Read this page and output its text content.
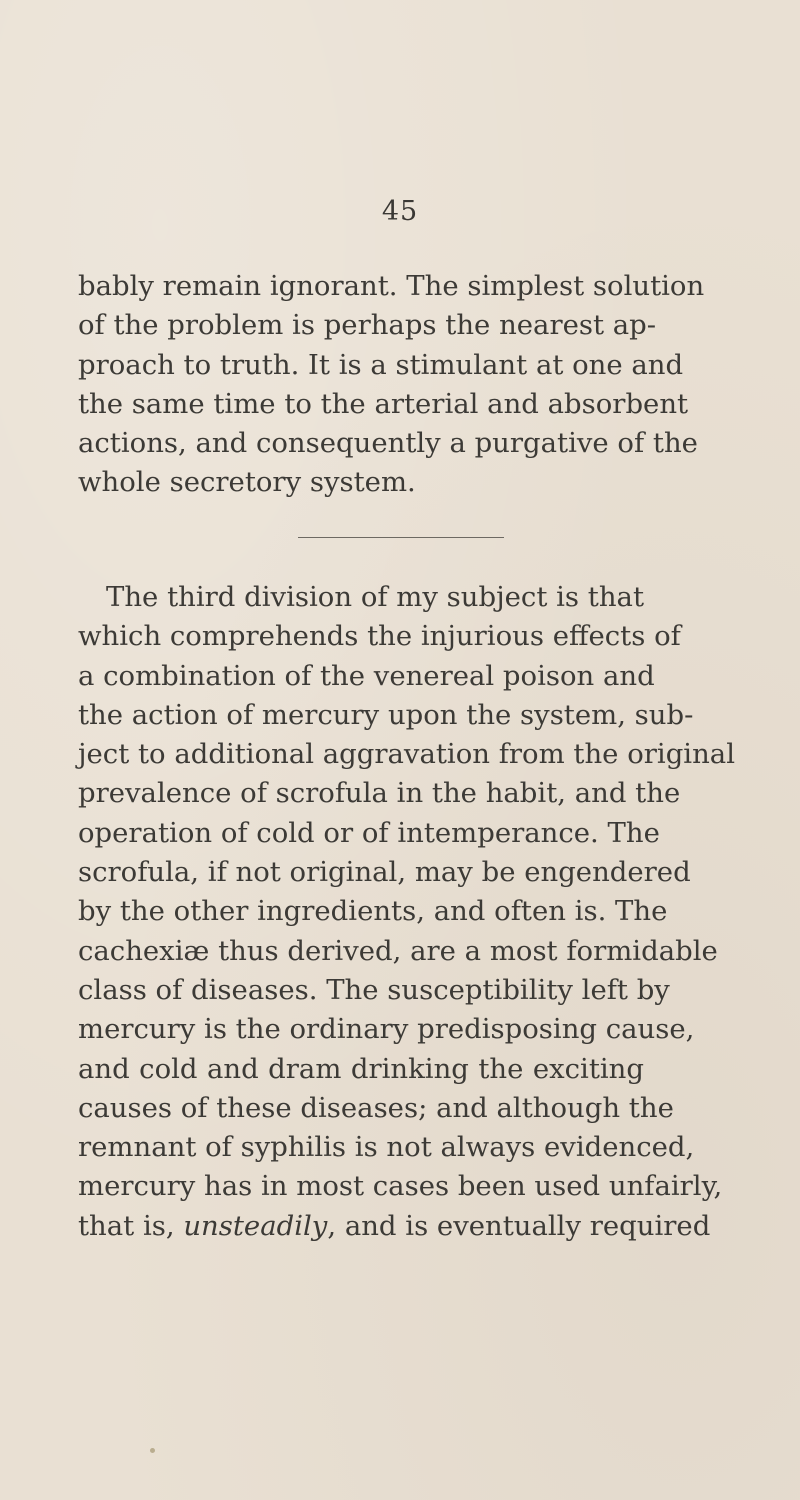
45
bably remain ignorant. The simplest solution
of the problem is perhaps the nearest ap-
proach to truth. It is a stimulant at one and
the same time to the arterial and absorbent
actions, and consequently a purgative of the
whole secretory system.
The third division of my subject is that
which comprehends the injurious effects of
a combination of the venereal poison and
the action of mercury upon the system, sub-
ject to additional aggravation from the original
prevalence of scrofula in the habit, and the
operation of cold or of intemperance. The
scrofula, if not original, may be engendered
by the other ingredients, and often is. The
cachexiæ thus derived, are a most formidable
class of diseases. The susceptibility left by
mercury is the ordinary predisposing cause,
and cold and dram drinking the exciting
causes of these diseases; and although the
remnant of syphilis is not always evidenced,
mercury has in most cases been used unfairly,
that is, unsteadily, and is eventually required
